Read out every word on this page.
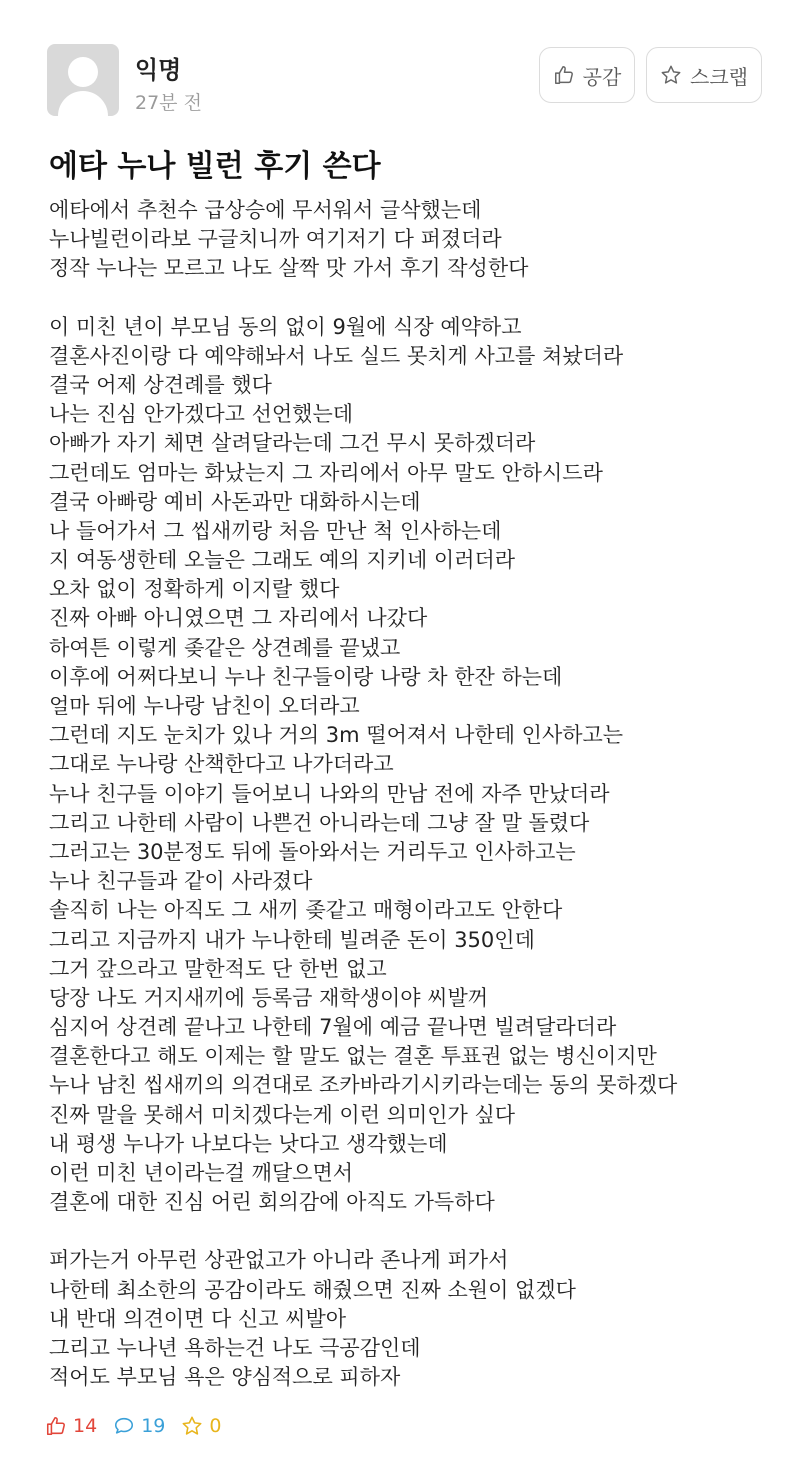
익명
27분 전
공감	스크랩
에타 누나 빌런 후기 쓴다
에타에서 추천수 급상승에 무서워서 글삭했는데
누나빌런이라보 구글치니까 여기저기 다 퍼졌더라
정작 누나는 모르고 나도 살짝 맛 가서 후기 작성한다
이 미친 년이 부모님 동의 없이 9월에 식장 예약하고
결혼사진이랑 다 예약해놔서 나도 실드 못치게 사고를 쳐놨더라
결국 어제 상견례를 했다
나는 진심 안가겠다고 선언했는데
아빠가 자기 체면 살려달라는데 그건 무시 못하겠더라
그런데도 엄마는 화났는지 그 자리에서 아무 말도 안하시드라
결국 아빠랑 예비 사돈과만 대화하시는데
나 들어가서 그 씹새끼랑 처음 만난 척 인사하는데
지 여동생한테 오늘은 그래도 예의 지키네 이러더라
오차 없이 정확하게 이지랄 했다
진짜 아빠 아니였으면 그 자리에서 나갔다
하여튼 이렇게 좆같은 상견례를 끝냈고
이후에 어쩌다보니 누나 친구들이랑 나랑 차 한잔 하는데
얼마 뒤에 누나랑 남친이 오더라고
그런데 지도 눈치가 있나 거의 3m 떨어져서 나한테 인사하고는
그대로 누나랑 산책한다고 나가더라고
누나 친구들 이야기 들어보니 나와의 만남 전에 자주 만났더라
그리고 나한테 사람이 나쁜건 아니라는데 그냥 잘 말 돌렸다
그러고는 30분정도 뒤에 돌아와서는 거리두고 인사하고는
누나 친구들과 같이 사라졌다
솔직히 나는 아직도 그 새끼 좆같고 매형이라고도 안한다
그리고 지금까지 내가 누나한테 빌려준 돈이 350인데
그거 갚으라고 말한적도 단 한번 없고
당장 나도 거지새끼에 등록금 재학생이야 씨발꺼
심지어 상견례 끝나고 나한테 7월에 예금 끝나면 빌려달라더라
결혼한다고 해도 이제는 할 말도 없는 결혼 투표권 없는 병신이지만
누나 남친 씹새끼의 의견대로 조카바라기시키라는데는 동의 못하겠다
진짜 말을 못해서 미치겠다는게 이런 의미인가 싶다
내 평생 누나가 나보다는 낫다고 생각했는데
이런 미친 년이라는걸 깨달으면서
결혼에 대한 진심 어린 회의감에 아직도 가득하다
퍼가는거 아무런 상관없고가 아니라 존나게 퍼가서
나한테 최소한의 공감이라도 해줬으면 진짜 소원이 없겠다
내 반대 의견이면 다 신고 씨발아
그리고 누나년 욕하는건 나도 극공감인데
적어도 부모님 욕은 양심적으로 피하자
14 19 0
